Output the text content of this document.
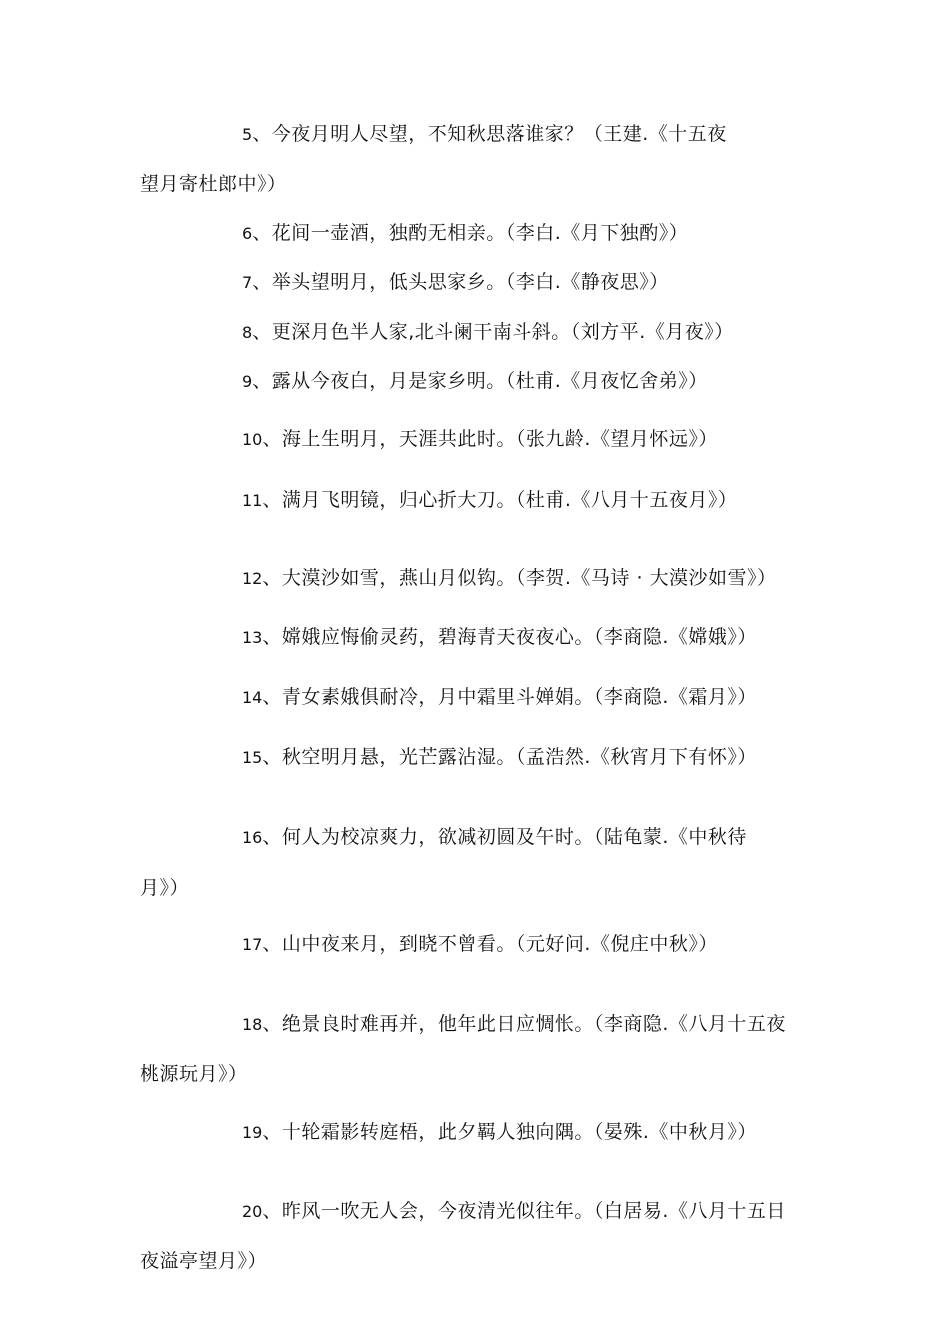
5、今夜月明人尽望，不知秋思落谁家？（王建.《十五夜
望月寄杜郎中》）
6、花间一壶酒，独酌无相亲。（李白.《月下独酌》）
7、举头望明月，低头思家乡。（李白.《静夜思》）
8、更深月色半人家,北斗阑干南斗斜。（刘方平.《月夜》）
9、露从今夜白，月是家乡明。（杜甫.《月夜忆舍弟》）
10、海上生明月，天涯共此时。（张九龄.《望月怀远》）
11、满月飞明镜，归心折大刀。（杜甫.《八月十五夜月》）
12、大漠沙如雪，燕山月似钩。（李贺.《马诗 · 大漠沙如雪》）
13、嫦娥应悔偷灵药，碧海青天夜夜心。（李商隐.《嫦娥》）
14、青女素娥俱耐冷，月中霜里斗婵娟。（李商隐.《霜月》）
15、秋空明月悬，光芒露沾湿。（孟浩然.《秋宵月下有怀》）
16、何人为校凉爽力，欲减初圆及午时。（陆龟蒙.《中秋待
月》）
17、山中夜来月，到晓不曾看。（元好问.《倪庄中秋》）
18、绝景良时难再并，他年此日应惆怅。（李商隐.《八月十五夜
桃源玩月》）
19、十轮霜影转庭梧，此夕羁人独向隅。（晏殊.《中秋月》）
20、昨风一吹无人会，今夜清光似往年。（白居易.《八月十五日
夜溢亭望月》）
